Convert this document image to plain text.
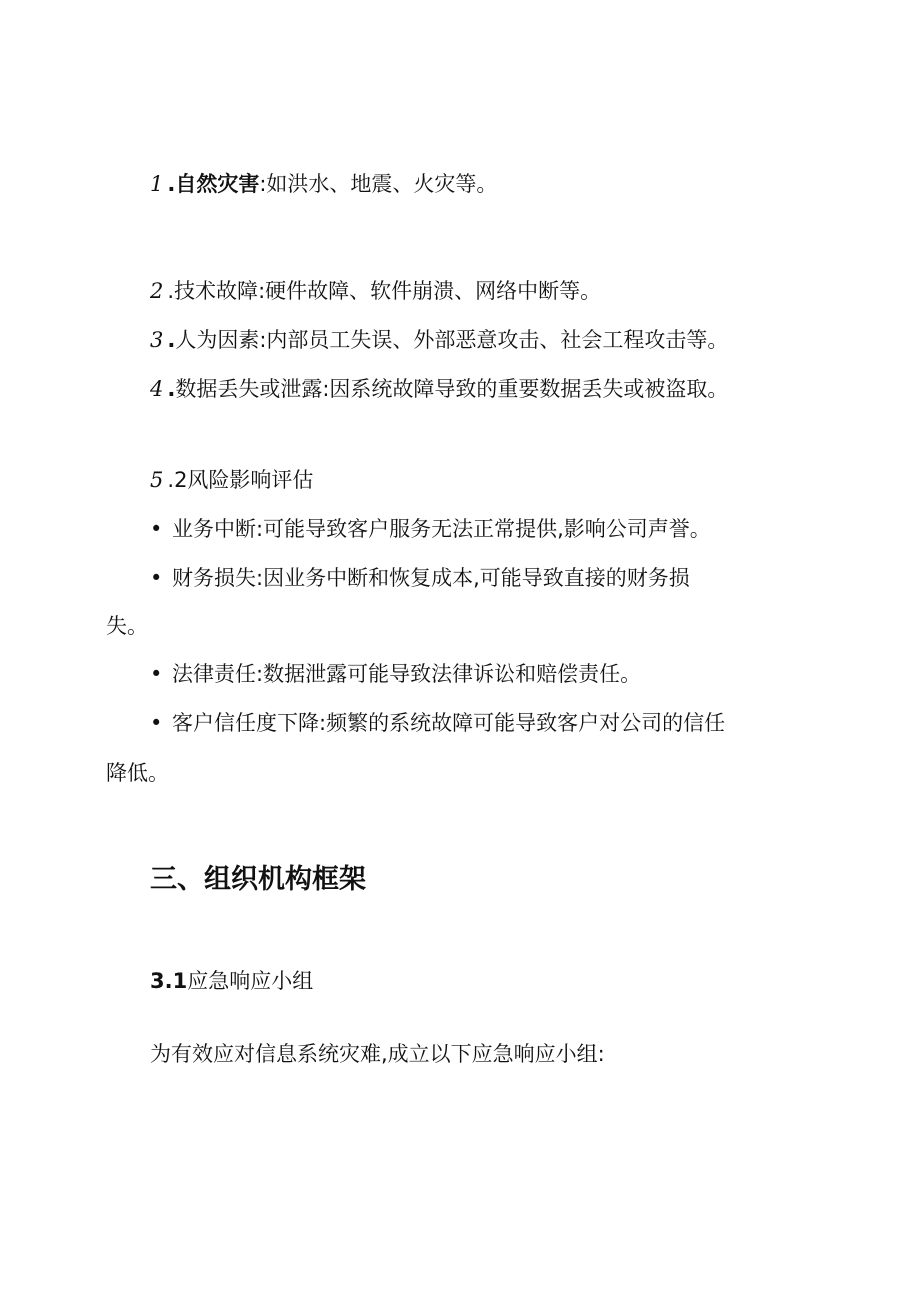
1.自然灾害:如洪水、地震、火灾等。
2.技术故障:硬件故障、软件崩溃、网络中断等。
3.人为因素:内部员工失误、外部恶意攻击、社会工程攻击等。
4.数据丢失或泄露:因系统故障导致的重要数据丢失或被盗取。
5.2风险影响评估
• 业务中断:可能导致客户服务无法正常提供,影响公司声誉。
• 财务损失:因业务中断和恢复成本,可能导致直接的财务损
失。
• 法律责任:数据泄露可能导致法律诉讼和赔偿责任。
• 客户信任度下降:频繁的系统故障可能导致客户对公司的信任
降低。
三、组织机构框架
3.1应急响应小组
为有效应对信息系统灾难,成立以下应急响应小组:
